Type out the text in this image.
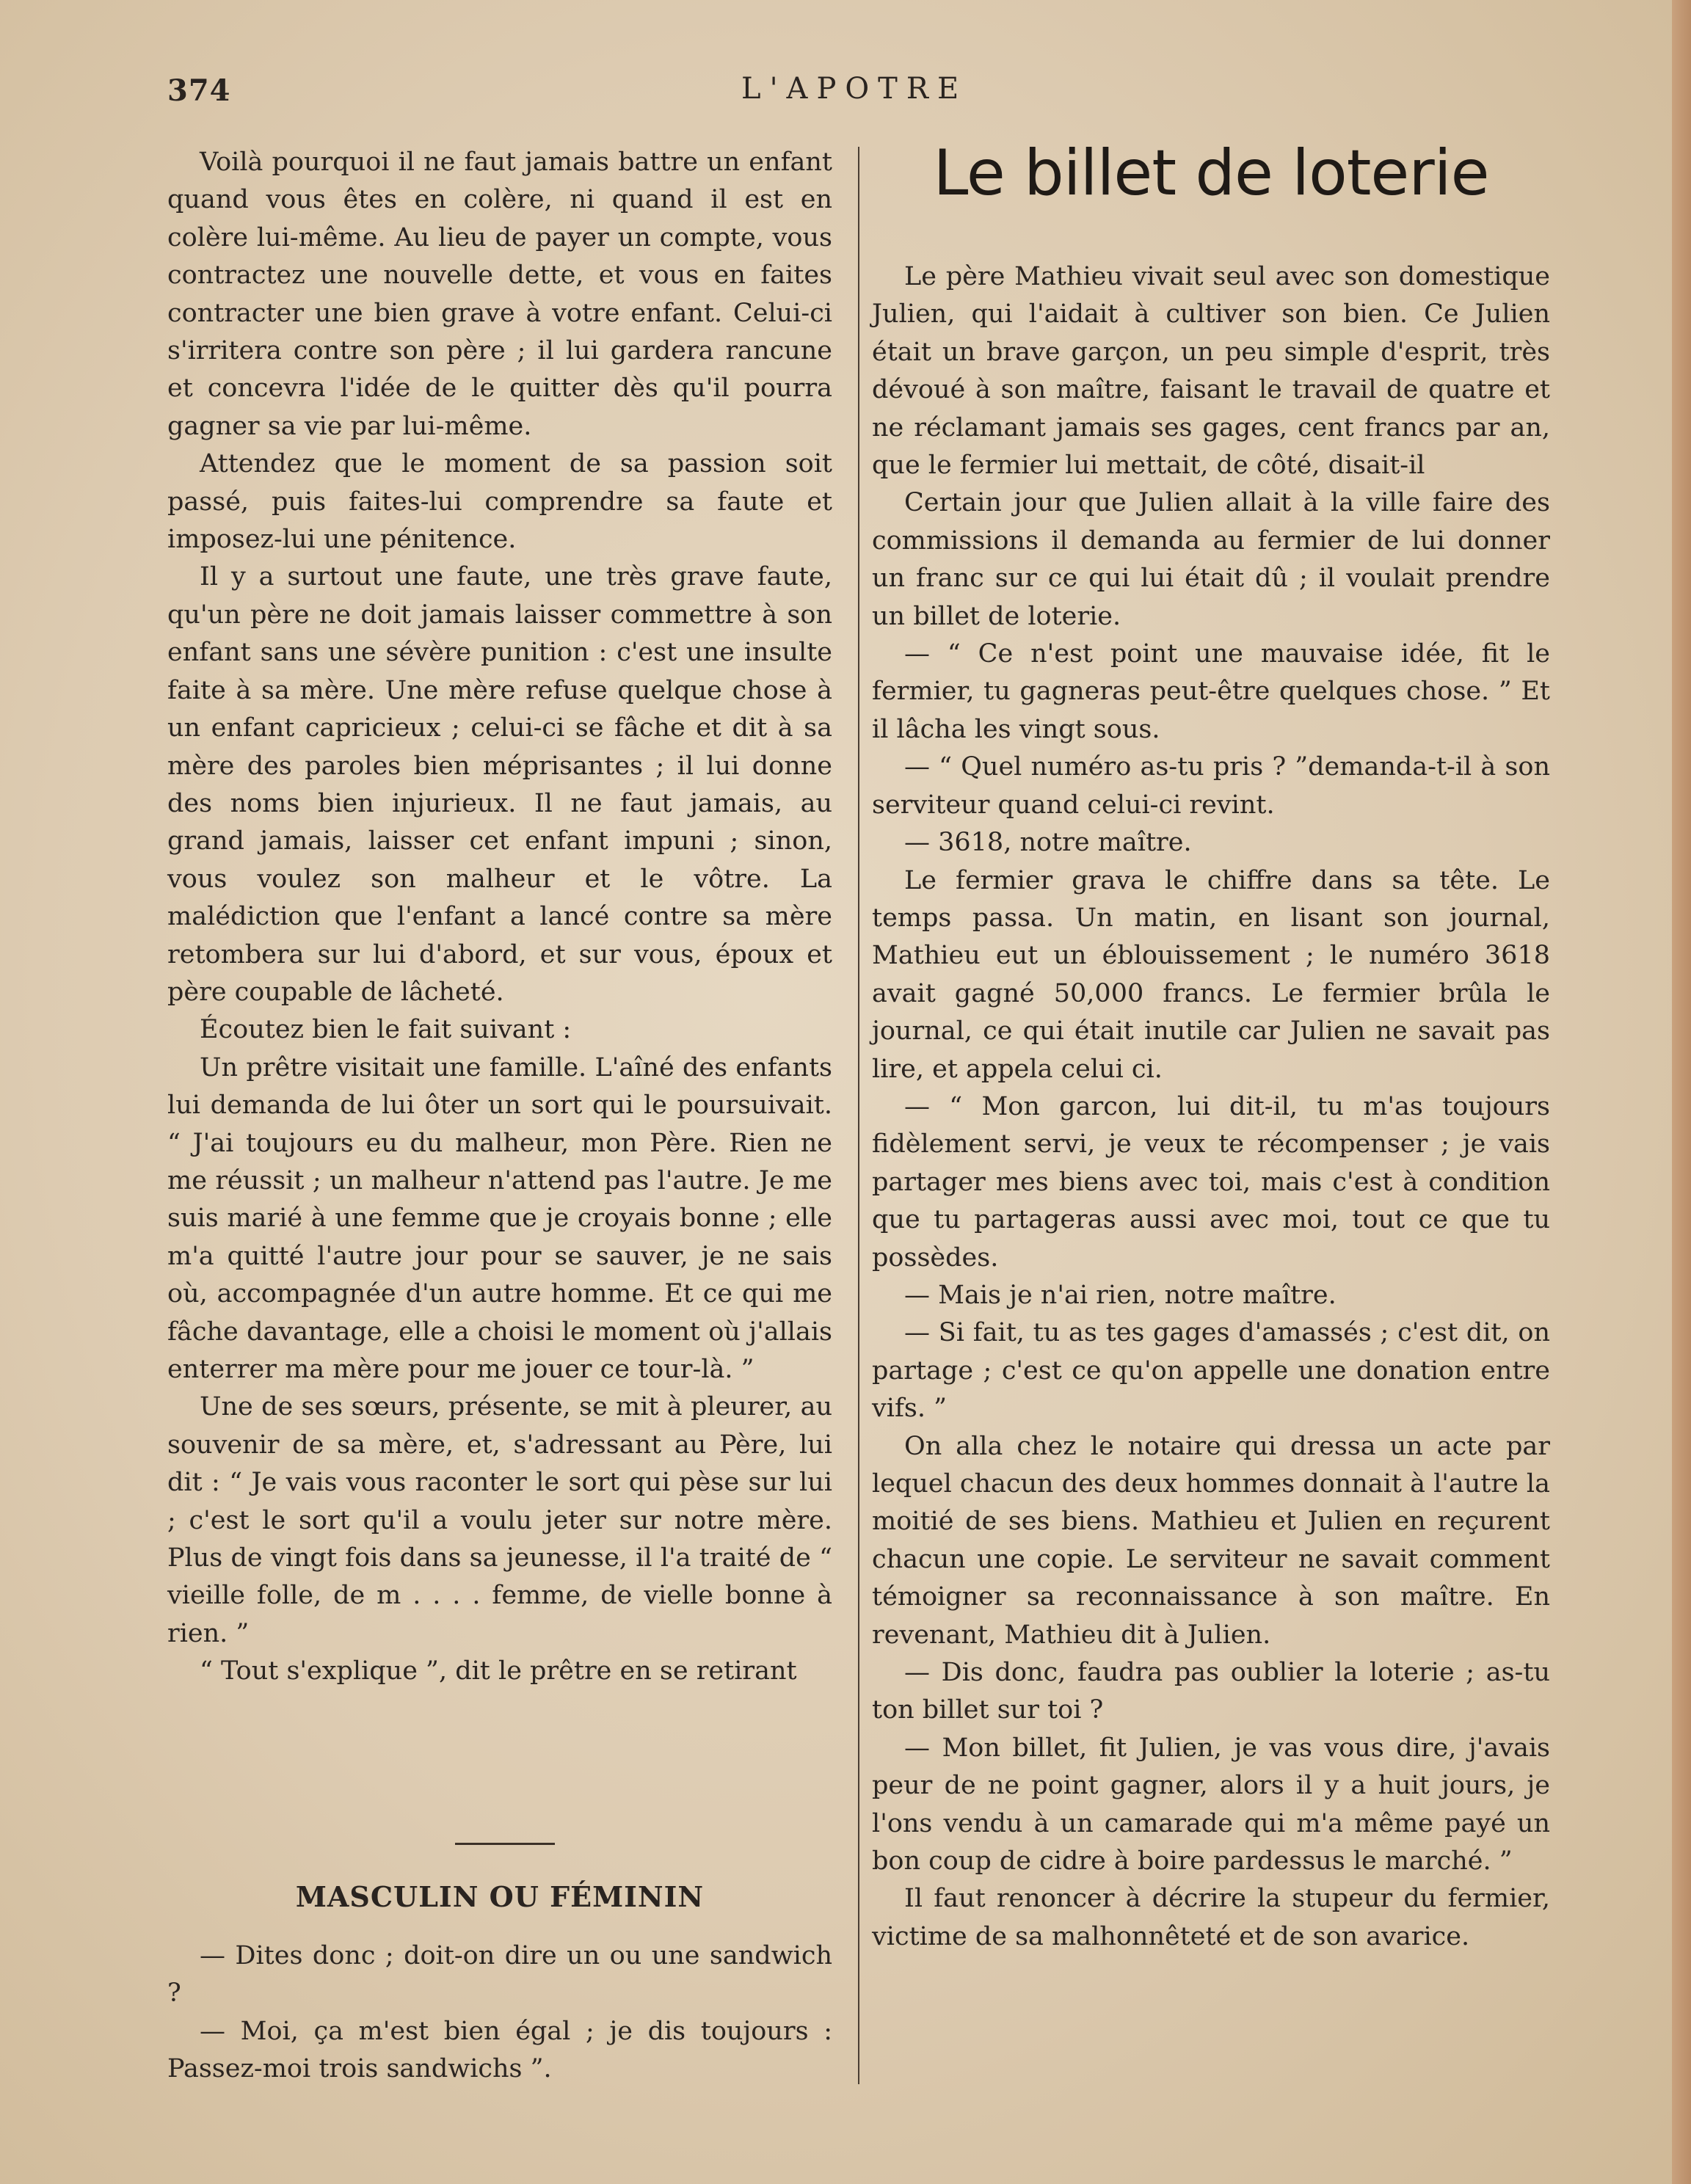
374	L'APOTRE

Voilà pourquoi il ne faut jamais battre un enfant quand vous êtes en colère, ni quand il est en colère lui-même. Au lieu de payer un compte, vous contractez une nouvelle dette, et vous en faites contracter une bien grave à votre enfant. Celui-ci s'irritera contre son père ; il lui gardera rancune et concevra l'idée de le quitter dès qu'il pourra gagner sa vie par lui-même.

Attendez que le moment de sa passion soit passé, puis faites-lui comprendre sa faute et imposez-lui une pénitence.

Il y a surtout une faute, une très grave faute, qu'un père ne doit jamais laisser commettre à son enfant sans une sévère punition : c'est une insulte faite à sa mère. Une mère refuse quelque chose à un enfant capricieux ; celui-ci se fâche et dit à sa mère des paroles bien méprisantes ; il lui donne des noms bien injurieux. Il ne faut jamais, au grand jamais, laisser cet enfant impuni ; sinon, vous voulez son malheur et le vôtre. La malédiction que l'enfant a lancé contre sa mère retombera sur lui d'abord, et sur vous, époux et père coupable de lâcheté.

Écoutez bien le fait suivant :

Un prêtre visitait une famille. L'aîné des enfants lui demanda de lui ôter un sort qui le poursuivait. “ J'ai toujours eu du malheur, mon Père. Rien ne me réussit ; un malheur n'attend pas l'autre. Je me suis marié à une femme que je croyais bonne ; elle m'a quitté l'autre jour pour se sauver, je ne sais où, accompagnée d'un autre homme. Et ce qui me fâche davantage, elle a choisi le moment où j'allais enterrer ma mère pour me jouer ce tour-là. ”

Une de ses sœurs, présente, se mit à pleurer, au souvenir de sa mère, et, s'adressant au Père, lui dit : “ Je vais vous raconter le sort qui pèse sur lui ; c'est le sort qu'il a voulu jeter sur notre mère. Plus de vingt fois dans sa jeunesse, il l'a traité de “ vieille folle, de m . . . . femme, de vielle bonne à rien. ”

“ Tout s'explique ”, dit le prêtre en se retirant

MASCULIN OU FÉMININ

— Dites donc ; doit-on dire un ou une sandwich ?

— Moi, ça m'est bien égal ; je dis toujours : Passez-moi trois sandwichs ”.

Le billet de loterie

Le père Mathieu vivait seul avec son domestique Julien, qui l'aidait à cultiver son bien. Ce Julien était un brave garçon, un peu simple d'esprit, très dévoué à son maître, faisant le travail de quatre et ne réclamant jamais ses gages, cent francs par an, que le fermier lui mettait, de côté, disait-il

Certain jour que Julien allait à la ville faire des commissions il demanda au fermier de lui donner un franc sur ce qui lui était dû ; il voulait prendre un billet de loterie.

— “ Ce n'est point une mauvaise idée, fit le fermier, tu gagneras peut-être quelques chose. ” Et il lâcha les vingt sous.

— “ Quel numéro as-tu pris ? ”demanda-t-il à son serviteur quand celui-ci revint.

— 3618, notre maître.

Le fermier grava le chiffre dans sa tête. Le temps passa. Un matin, en lisant son journal, Mathieu eut un éblouissement ; le numéro 3618 avait gagné 50,000 francs. Le fermier brûla le journal, ce qui était inutile car Julien ne savait pas lire, et appela celui ci.

— “ Mon garcon, lui dit-il, tu m'as toujours fidèlement servi, je veux te récompenser ; je vais partager mes biens avec toi, mais c'est à condition que tu partageras aussi avec moi, tout ce que tu possèdes.

— Mais je n'ai rien, notre maître.

— Si fait, tu as tes gages d'amassés ; c'est dit, on partage ; c'est ce qu'on appelle une donation entre vifs. ”

On alla chez le notaire qui dressa un acte par lequel chacun des deux hommes donnait à l'autre la moitié de ses biens. Mathieu et Julien en reçurent chacun une copie. Le serviteur ne savait comment témoigner sa reconnaissance à son maître. En revenant, Mathieu dit à Julien.

— Dis donc, faudra pas oublier la loterie ; as-tu ton billet sur toi ?

— Mon billet, fit Julien, je vas vous dire, j'avais peur de ne point gagner, alors il y a huit jours, je l'ons vendu à un camarade qui m'a même payé un bon coup de cidre à boire pardessus le marché. ”

Il faut renoncer à décrire la stupeur du fermier, victime de sa malhonnêteté et de son avarice.
